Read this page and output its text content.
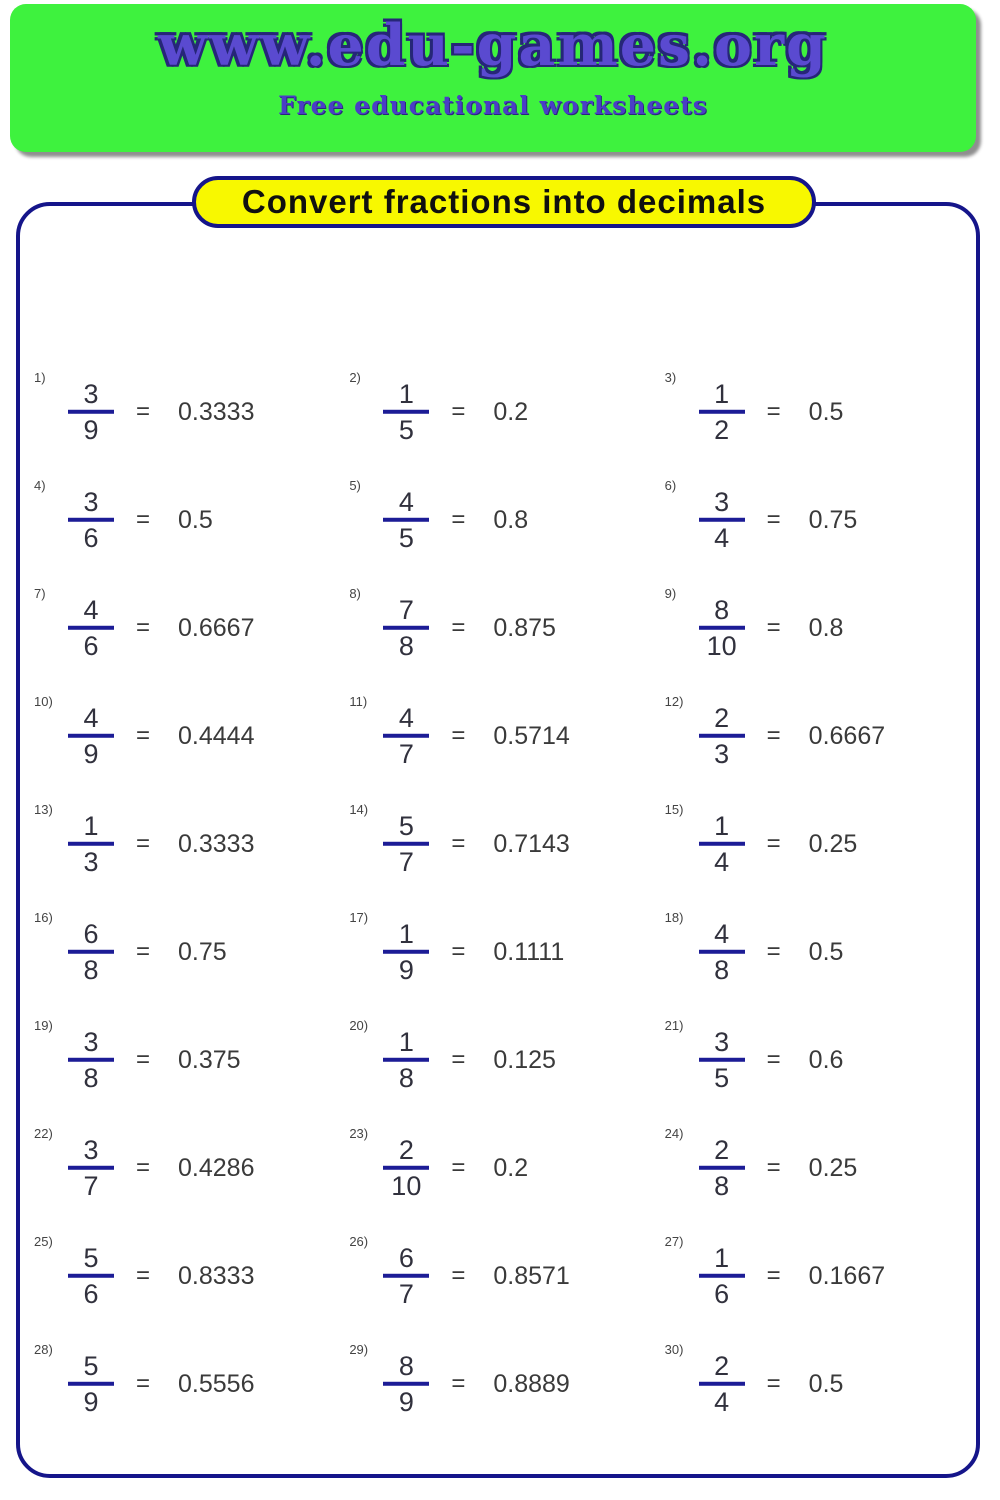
www.edu-games.org
Free educational worksheets
Convert fractions into decimals
1)
$\frac{3}{9} = 0.3333$
2)
$\frac{1}{5} = 0.2$
3)
$\frac{1}{2} = 0.5$
4)
$\frac{3}{6} = 0.5$
5)
$\frac{4}{5} = 0.8$
6)
$\frac{3}{4} = 0.75$
7)
$\frac{4}{6} = 0.6667$
8)
$\frac{7}{8} = 0.875$
9)
$\frac{8}{10} = 0.8$
10)
$\frac{4}{9} = 0.4444$
11)
$\frac{4}{7} = 0.5714$
12)
$\frac{2}{3} = 0.6667$
13)
$\frac{1}{3} = 0.3333$
14)
$\frac{5}{7} = 0.7143$
15)
$\frac{1}{4} = 0.25$
16)
$\frac{6}{8} = 0.75$
17)
$\frac{1}{9} = 0.1111$
18)
$\frac{4}{8} = 0.5$
19)
$\frac{3}{8} = 0.375$
20)
$\frac{1}{8} = 0.125$
21)
$\frac{3}{5} = 0.6$
22)
$\frac{3}{7} = 0.4286$
23)
$\frac{2}{10} = 0.2$
24)
$\frac{2}{8} = 0.25$
25)
$\frac{5}{6} = 0.8333$
26)
$\frac{6}{7} = 0.8571$
27)
$\frac{1}{6} = 0.1667$
28)
$\frac{5}{9} = 0.5556$
29)
$\frac{8}{9} = 0.8889$
30)
$\frac{2}{4} = 0.5$
